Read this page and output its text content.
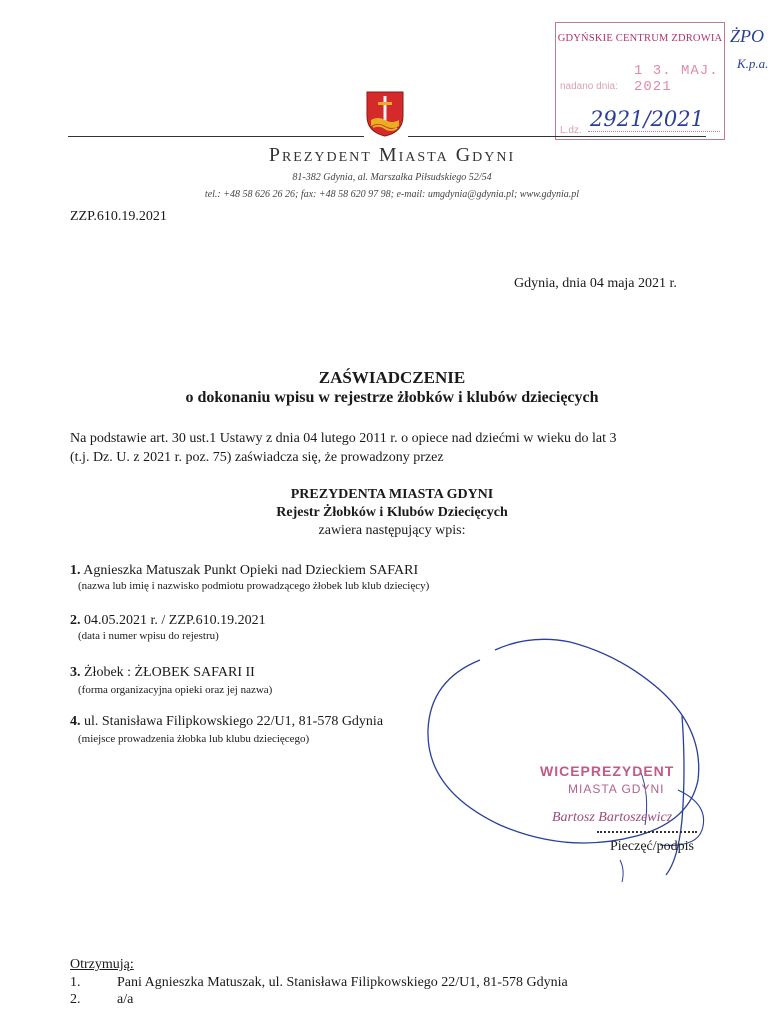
GDYŃSKIE CENTRUM ZDROWIA
1 3. MAJ. 2021
nadano dnia:
2921/2021
L.dz.
ŻPO
K.p.a.
Prezydent Miasta Gdyni
81-382 Gdynia, al. Marszałka Piłsudskiego 52/54
tel.: +48 58 626 26 26; fax: +48 58 620 97 98; e-mail: umgdynia@gdynia.pl; www.gdynia.pl
ZZP.610.19.2021
Gdynia, dnia 04 maja 2021 r.
ZAŚWIADCZENIE
o dokonaniu wpisu w rejestrze żłobków i klubów dziecięcych
Na podstawie art. 30 ust.1 Ustawy z dnia 04 lutego 2011 r. o opiece nad dziećmi w wieku do lat 3
(t.j. Dz. U. z 2021 r. poz. 75) zaświadcza się, że prowadzony przez
PREZYDENTA MIASTA GDYNI
Rejestr Żłobków i Klubów Dziecięcych
zawiera następujący wpis:
1. Agnieszka Matuszak Punkt Opieki nad Dzieckiem SAFARI
(nazwa lub imię i nazwisko podmiotu prowadzącego żłobek lub klub dziecięcy)
2. 04.05.2021 r. / ZZP.610.19.2021
(data i numer wpisu do rejestru)
3. Żłobek : ŻŁOBEK SAFARI II
(forma organizacyjna opieki oraz jej nazwa)
4. ul. Stanisława Filipkowskiego 22/U1, 81-578 Gdynia
(miejsce prowadzenia żłobka lub klubu dziecięcego)
WICEPREZYDENT
MIASTA GDYNI
Bartosz Bartoszewicz
Pieczęć/podpis
Otrzymują:
1.	Pani Agnieszka Matuszak, ul. Stanisława Filipkowskiego 22/U1, 81-578 Gdynia
2.	a/a
